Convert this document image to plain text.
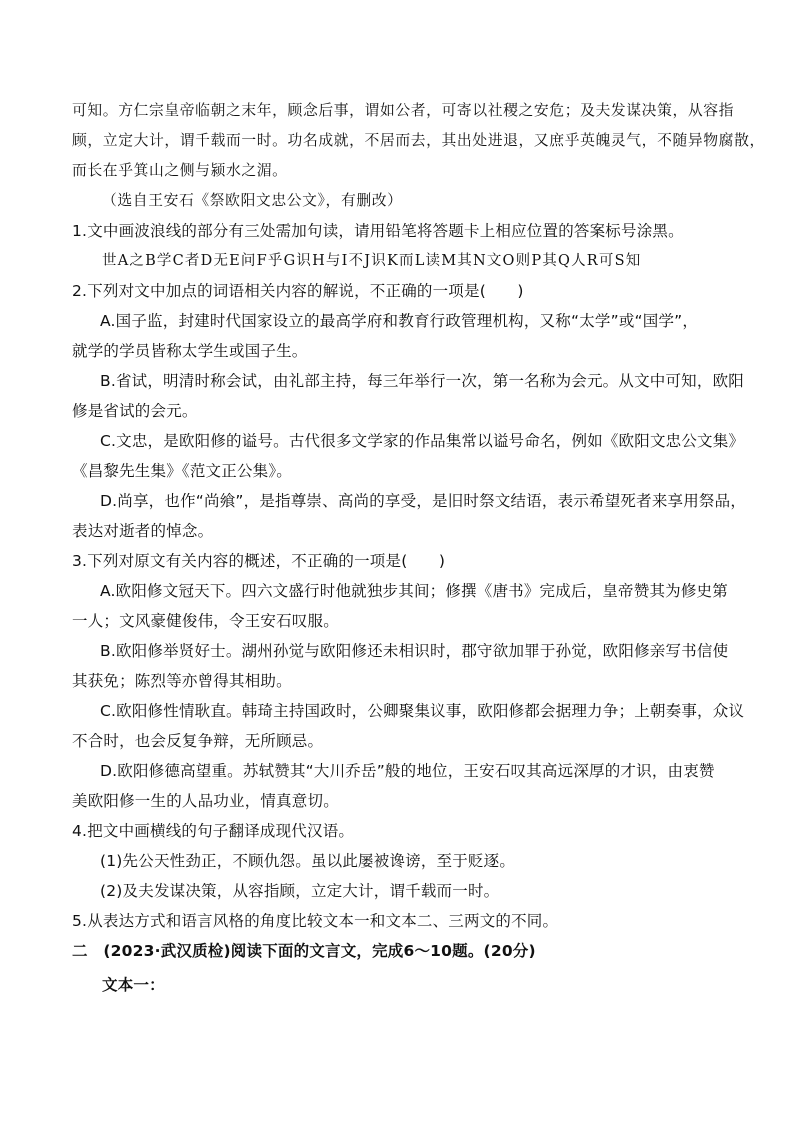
可知。方仁宗皇帝临朝之末年，顾念后事，谓如公者，可寄以社稷之安危；及夫发谋决策，从容指
顾，立定大计，谓千载而一时。功名成就，不居而去，其出处进退，又庶乎英魄灵气，不随异物腐散，
而长在乎箕山之侧与颍水之湄。
（选自王安石《祭欧阳文忠公文》，有删改）
1.文中画波浪线的部分有三处需加句读，请用铅笔将答题卡上相应位置的答案标号涂黑。
世A之B学C者D无E问F乎G识H与I不J识K而L读M其N文O则P其Q人R可S知
2.下列对文中加点的词语相关内容的解说，不正确的一项是(　　)
A.国子监，封建时代国家设立的最高学府和教育行政管理机构，又称“太学”或“国学”，
就学的学员皆称太学生或国子生。
B.省试，明清时称会试，由礼部主持，每三年举行一次，第一名称为会元。从文中可知，欧阳
修是省试的会元。
C.文忠，是欧阳修的谥号。古代很多文学家的作品集常以谥号命名，例如《欧阳文忠公文集》
《昌黎先生集》《范文正公集》。
D.尚享，也作“尚飨”，是指尊崇、高尚的享受，是旧时祭文结语，表示希望死者来享用祭品，
表达对逝者的悼念。
3.下列对原文有关内容的概述，不正确的一项是(　　)
A.欧阳修文冠天下。四六文盛行时他就独步其间；修撰《唐书》完成后，皇帝赞其为修史第
一人；文风豪健俊伟，令王安石叹服。
B.欧阳修举贤好士。湖州孙觉与欧阳修还未相识时，郡守欲加罪于孙觉，欧阳修亲写书信使
其获免；陈烈等亦曾得其相助。
C.欧阳修性情耿直。韩琦主持国政时，公卿聚集议事，欧阳修都会据理力争；上朝奏事，众议
不合时，也会反复争辩，无所顾忌。
D.欧阳修德高望重。苏轼赞其“大川乔岳”般的地位，王安石叹其高远深厚的才识，由衷赞
美欧阳修一生的人品功业，情真意切。
4.把文中画横线的句子翻译成现代汉语。
(1)先公天性劲正，不顾仇怨。虽以此屡被谗谤，至于贬逐。
(2)及夫发谋决策，从容指顾，立定大计，谓千载而一时。
5.从表达方式和语言风格的角度比较文本一和文本二、三两文的不同。
二　(2023·武汉质检)阅读下面的文言文，完成6～10题。(20分)
文本一：
